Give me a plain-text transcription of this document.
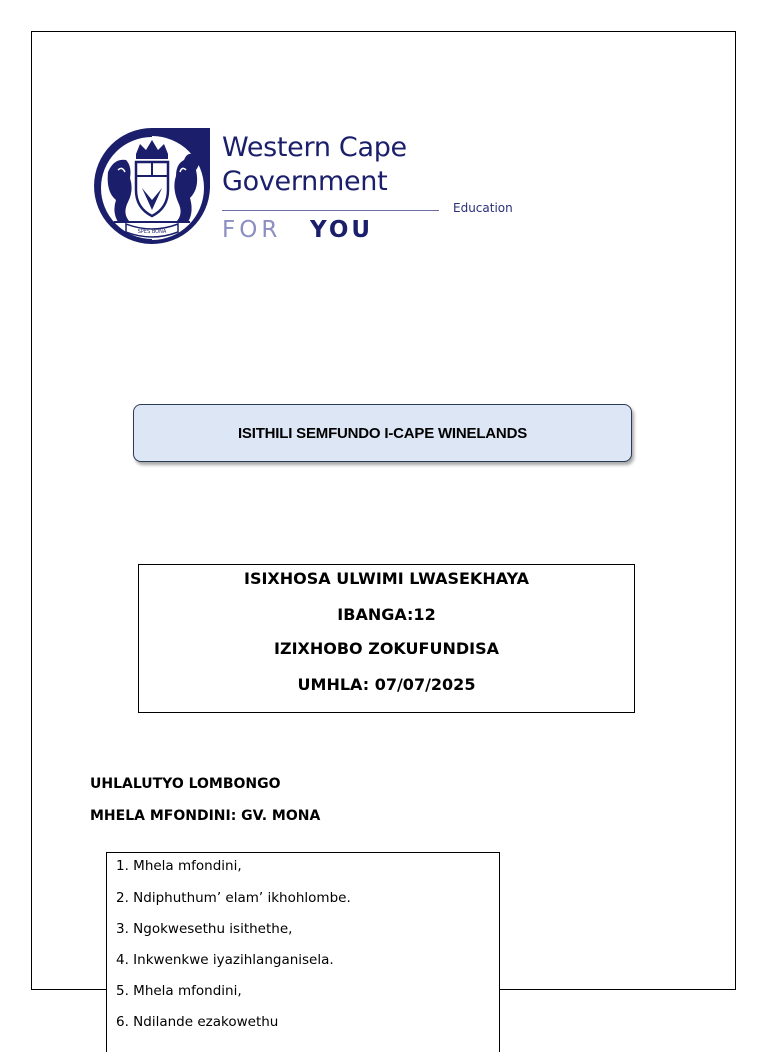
SPES BONA
Western Cape
Government
Education
FOR YOU
ISITHILI SEMFUNDO I-CAPE WINELANDS
ISIXHOSA ULWIMI LWASEKHAYA
IBANGA:12
IZIXHOBO ZOKUFUNDISA
UMHLA: 07/07/2025
UHLALUTYO LOMBONGO
MHELA MFONDINI: GV. MONA
1. Mhela mfondini,
2. Ndiphuthum’ elam’ ikhohlombe.
3. Ngokwesethu isithethe,
4. Inkwenkwe iyazihlanganisela.
5. Mhela mfondini,
6. Ndilande ezakowethu
